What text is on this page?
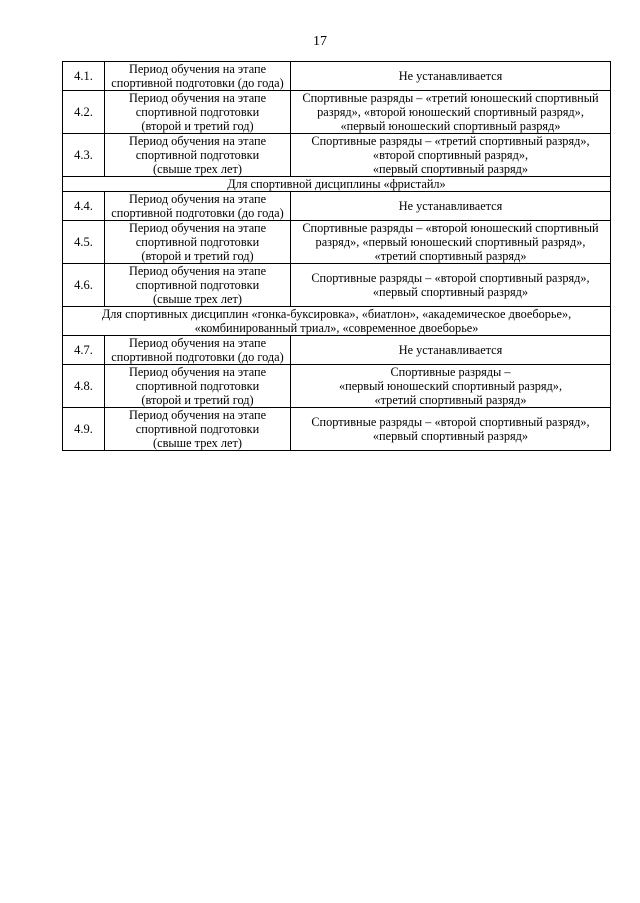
17
4.1.	Период обучения на этапе
спортивной подготовки (до года)	Не устанавливается

4.2.	Период обучения на этапе
спортивной подготовки
(второй и третий год)	Спортивные разряды – «третий юношеский спортивный
разряд», «второй юношеский спортивный разряд»,
«первый юношеский спортивный разряд»

4.3.	Период обучения на этапе
спортивной подготовки
(свыше трех лет)	Спортивные разряды – «третий спортивный разряд»,
«второй спортивный разряд»,
«первый спортивный разряд»

Для спортивной дисциплины «фристайл»		

4.4.	Период обучения на этапе
спортивной подготовки (до года)	Не устанавливается

4.5.	Период обучения на этапе
спортивной подготовки
(второй и третий год)	Спортивные разряды – «второй юношеский спортивный
разряд», «первый юношеский спортивный разряд»,
«третий спортивный разряд»

4.6.	Период обучения на этапе
спортивной подготовки
(свыше трех лет)	Спортивные разряды – «второй спортивный разряд»,
«первый спортивный разряд»

Для спортивных дисциплин «гонка-буксировка», «биатлон», «академическое двоеборье»,
«комбинированный триал», «современное двоеборье»		

4.7.	Период обучения на этапе
спортивной подготовки (до года)	Не устанавливается

4.8.	Период обучения на этапе
спортивной подготовки
(второй и третий год)	Спортивные разряды –
«первый юношеский спортивный разряд»,
«третий спортивный разряд»

4.9.	Период обучения на этапе
спортивной подготовки
(свыше трех лет)	Спортивные разряды – «второй спортивный разряд»,
«первый спортивный разряд»
